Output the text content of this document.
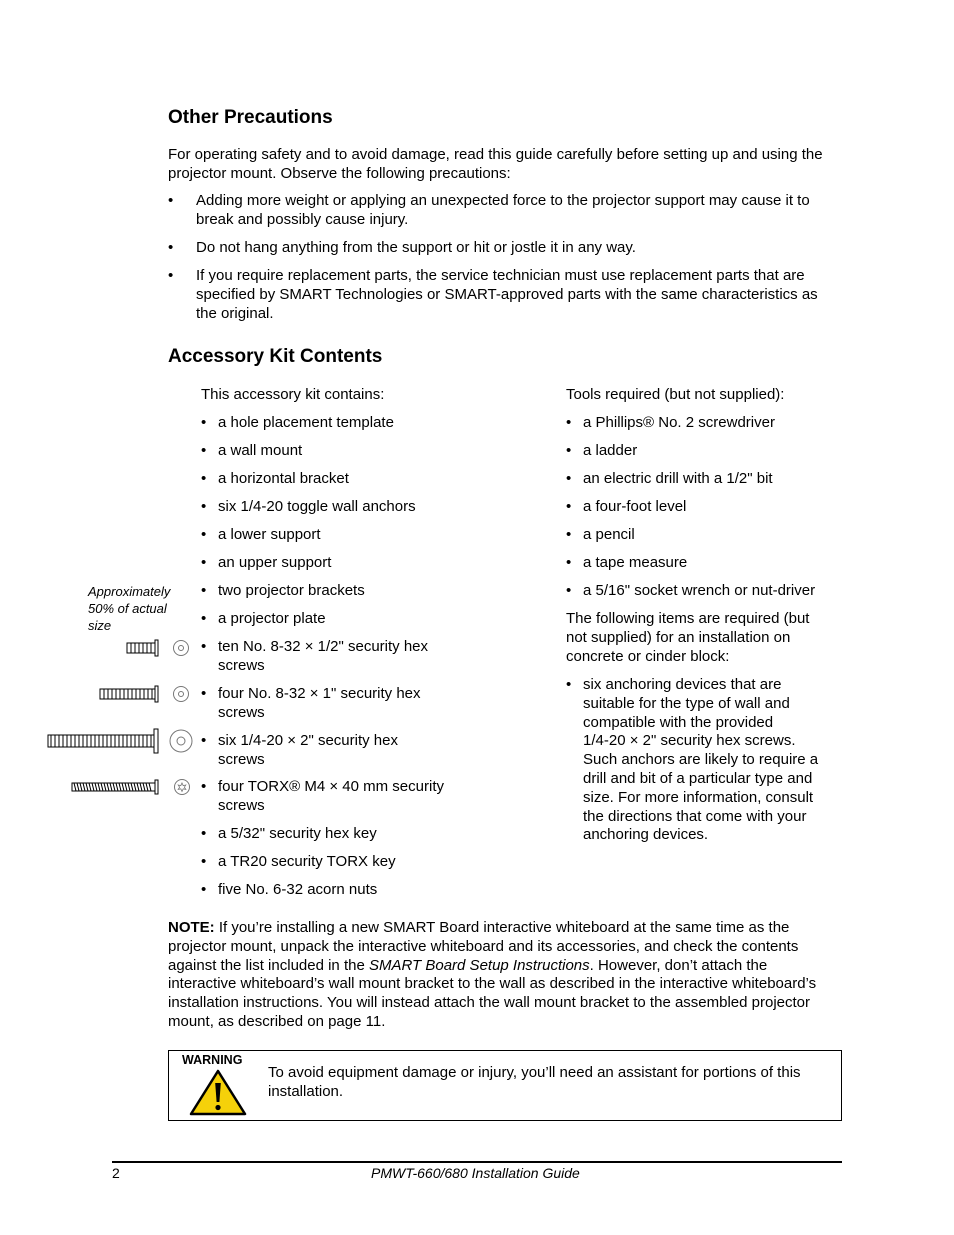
Other Precautions
For operating safety and to avoid damage, read this guide carefully before setting up and using the
projector mount. Observe the following precautions:
• Adding more weight or applying an unexpected force to the projector support may cause it to
break and possibly cause injury.
• Do not hang anything from the support or hit or jostle it in any way.
• If you require replacement parts, the service technician must use replacement parts that are
specified by SMART Technologies or SMART-approved parts with the same characteristics as
the original.
Accessory Kit Contents
This accessory kit contains:
• a hole placement template
• a wall mount
• a horizontal bracket
• six 1/4-20 toggle wall anchors
• a lower support
• an upper support
• two projector brackets
• a projector plate
• ten No. 8-32 × 1/2" security hex
screws
• four No. 8-32 × 1" security hex
screws
• six 1/4-20 × 2" security hex
screws
• four TORX® M4 × 40 mm security
screws
• a 5/32" security hex key
• a TR20 security TORX key
• five No. 6-32 acorn nuts
Approximately
50% of actual
size
Tools required (but not supplied):
• a Phillips® No. 2 screwdriver
• a ladder
• an electric drill with a 1/2" bit
• a four-foot level
• a pencil
• a tape measure
• a 5/16" socket wrench or nut-driver
The following items are required (but
not supplied) for an installation on
concrete or cinder block:
• six anchoring devices that are
suitable for the type of wall and
compatible with the provided
1/4-20 × 2" security hex screws.
Such anchors are likely to require a
drill and bit of a particular type and
size. For more information, consult
the directions that come with your
anchoring devices.
NOTE: If you’re installing a new SMART Board interactive whiteboard at the same time as the
projector mount, unpack the interactive whiteboard and its accessories, and check the contents
against the list included in the SMART Board Setup Instructions. However, don’t attach the
interactive whiteboard’s wall mount bracket to the wall as described in the interactive whiteboard’s
installation instructions. You will instead attach the wall mount bracket to the assembled projector
mount, as described on page 11.
WARNING
To avoid equipment damage or injury, you’ll need an assistant for portions of this
installation.
2	PMWT-660/680 Installation Guide
